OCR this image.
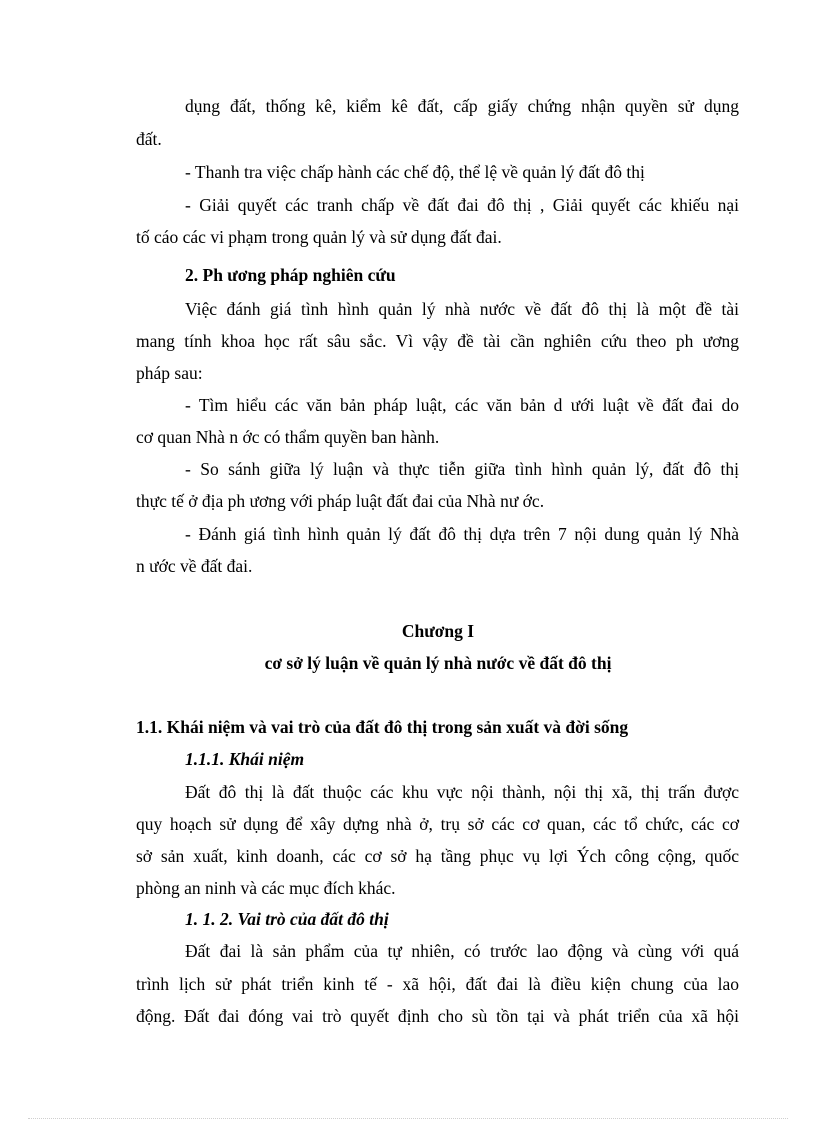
dụng đất, thống kê, kiểm kê đất, cấp giấy chứng nhận quyền sử dụng
đất.
- Thanh tra việc chấp hành các chế độ, thể lệ về quản lý đất đô thị
- Giải quyết các tranh chấp về đất đai đô thị , Giải quyết các khiếu nại
tố cáo các vi phạm trong quản lý và sử dụng đất đai.
2. Ph ương pháp nghiên cứu
Việc đánh giá tình hình quản lý nhà nước về đất đô thị là một đề tài
mang tính khoa học rất sâu sắc. Vì vậy đề tài cần nghiên cứu theo ph ương
pháp sau:
- Tìm hiểu các văn bản pháp luật, các văn bản d ưới luật về đất đai do
cơ quan Nhà n ớc có thẩm quyền ban hành.
- So sánh giữa lý luận và thực tiễn giữa tình hình quản lý, đất đô thị
thực tế ở địa ph ương với pháp luật đất đai của Nhà nư ớc.
- Đánh giá tình hình quản lý đất đô thị dựa trên 7 nội dung quản lý Nhà
n ước về đất đai.
Chương I
cơ sở lý luận về quản lý nhà nước về đất đô thị
1.1. Khái niệm và vai trò của đất đô thị trong sản xuất và đời sống
1.1.1. Khái niệm
Đất đô thị là đất thuộc các khu vực nội thành, nội thị xã, thị trấn được
quy hoạch sử dụng để xây dựng nhà ở, trụ sở các cơ quan, các tổ chức, các cơ
sở sản xuất, kinh doanh, các cơ sở hạ tầng phục vụ lợi Ých công cộng, quốc
phòng an ninh và các mục đích khác.
1. 1. 2. Vai trò của đất đô thị
Đất đai là sản phẩm của tự nhiên, có trước lao động và cùng với quá
trình lịch sử phát triển kinh tế - xã hội, đất đai là điều kiện chung của lao
động. Đất đai đóng vai trò quyết định cho sù tồn tại và phát triển của xã hội
